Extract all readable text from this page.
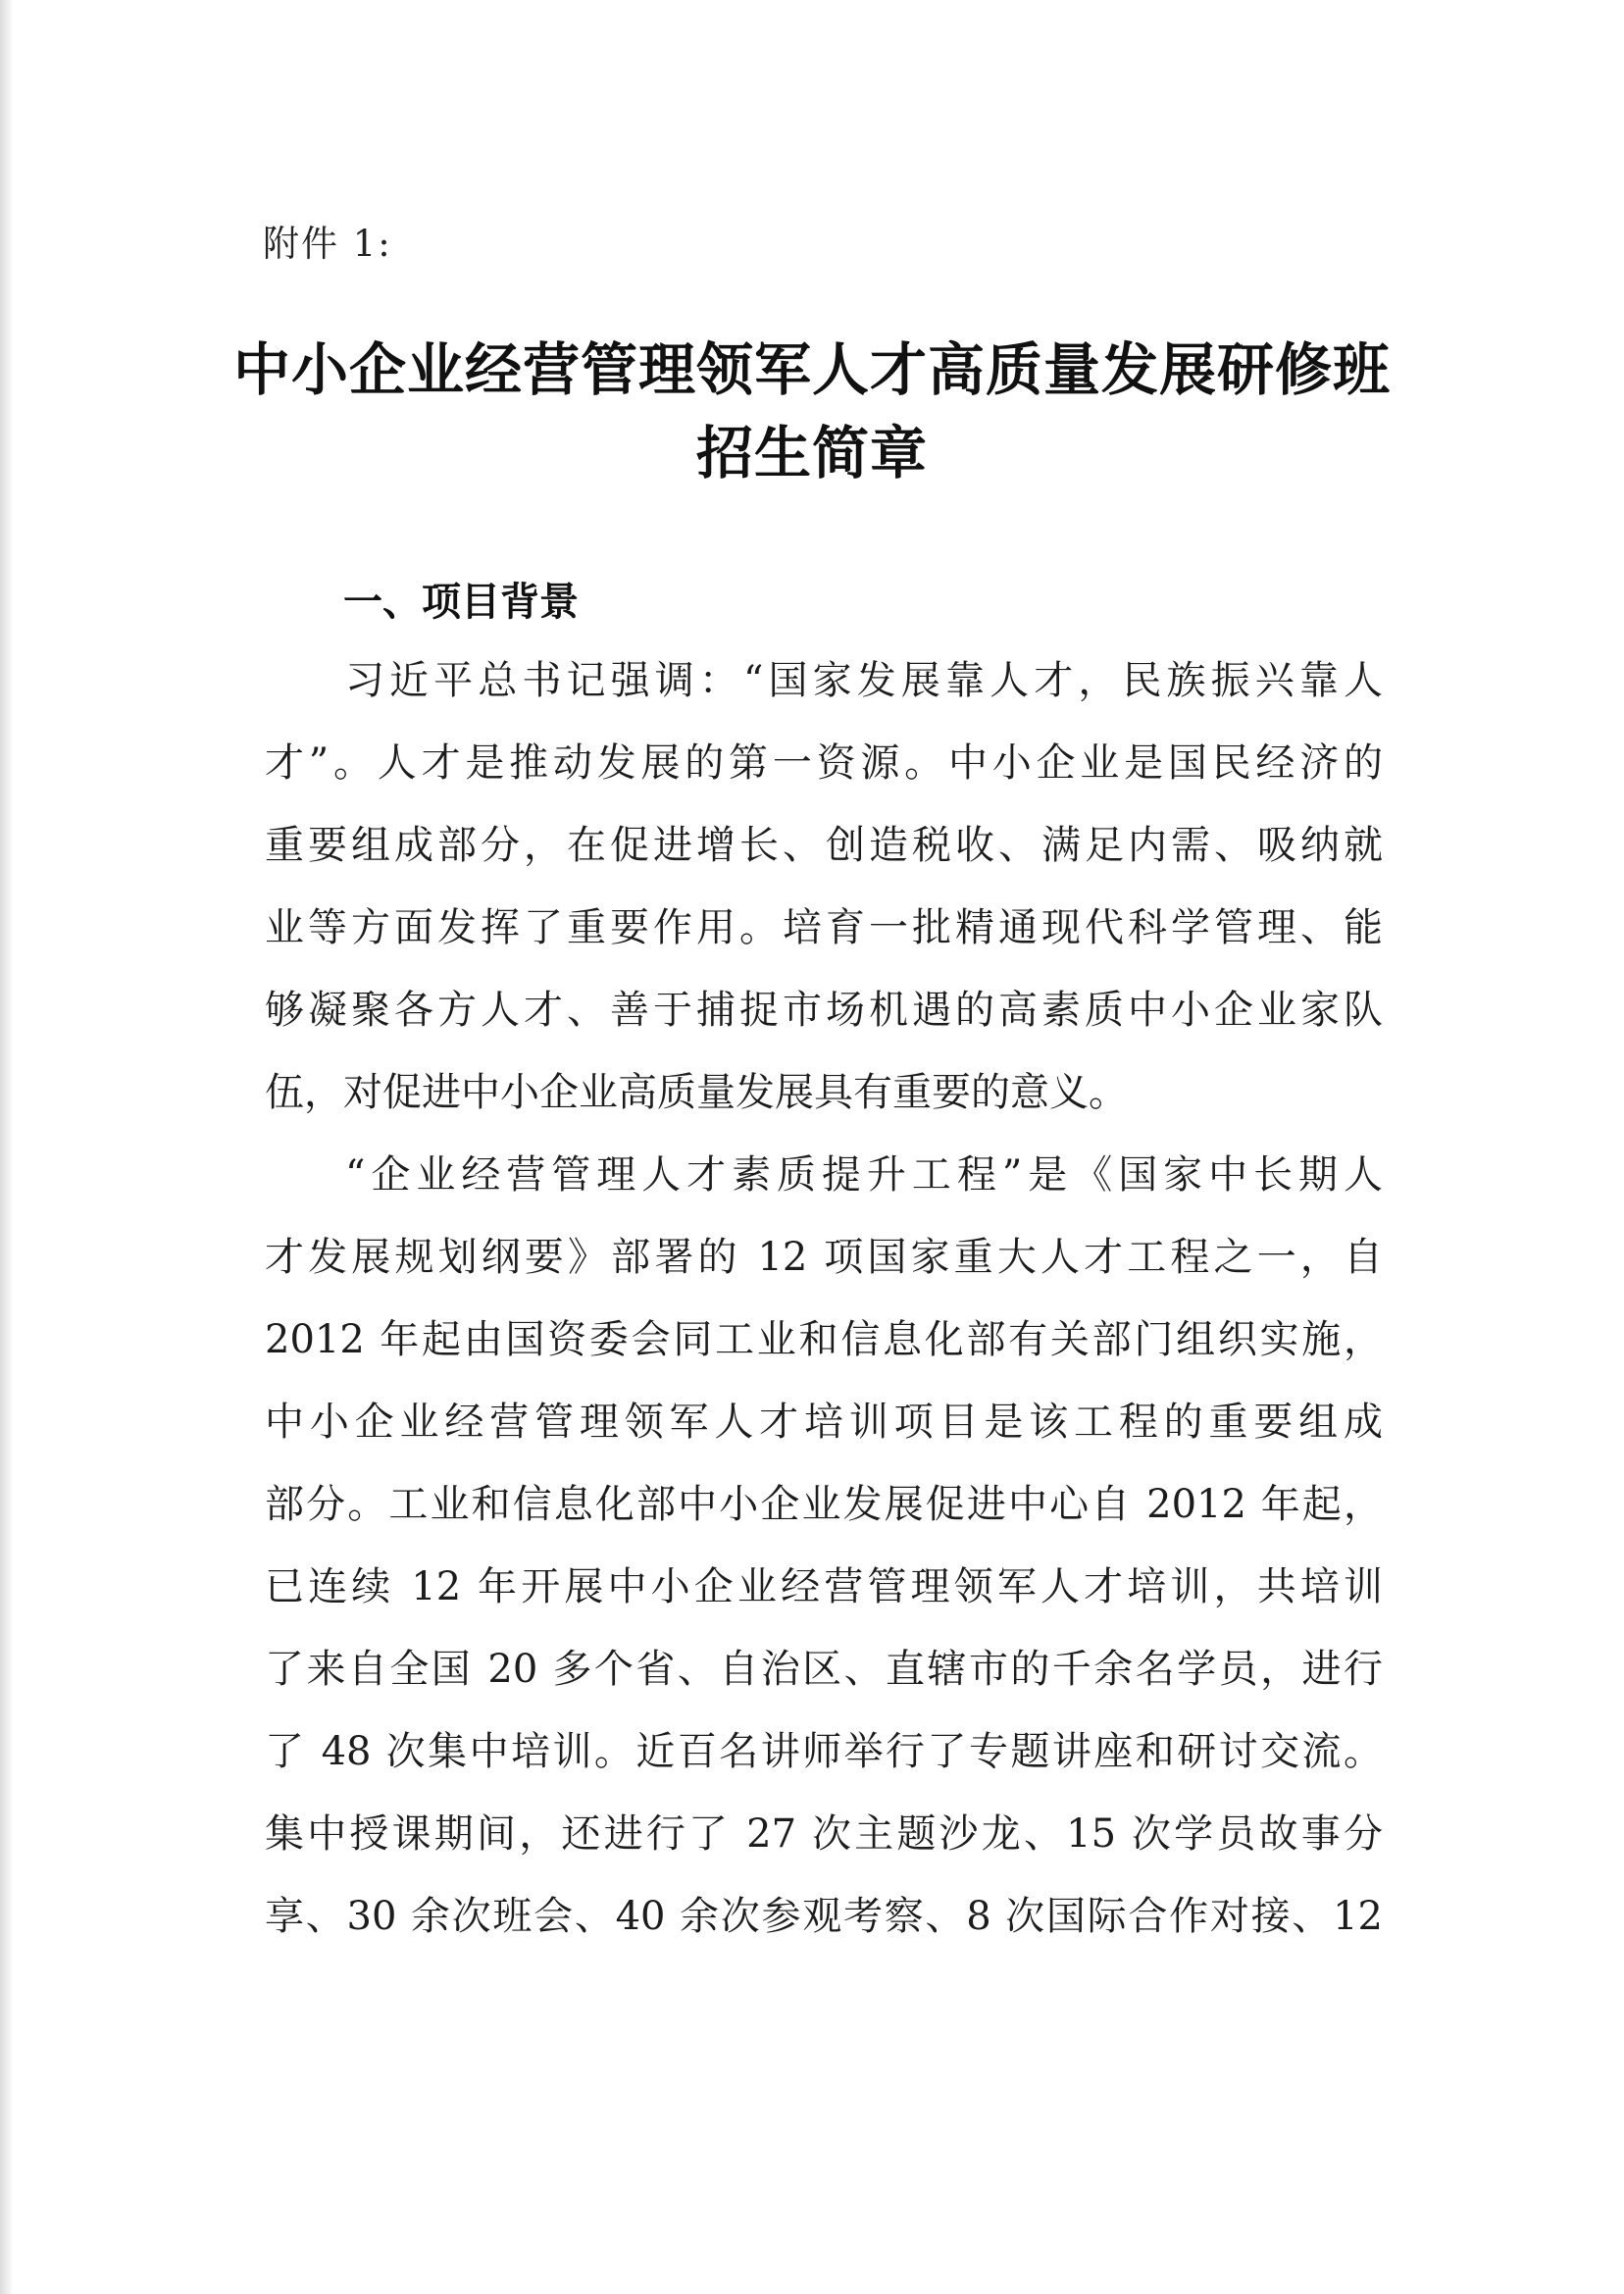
附件 1:
中小企业经营管理领军人才高质量发展研修班
招生简章
一、项目背景
习近平总书记强调：“国家发展靠人才，民族振兴靠人
才”。人才是推动发展的第一资源。中小企业是国民经济的
重要组成部分，在促进增长、创造税收、满足内需、吸纳就
业等方面发挥了重要作用。培育一批精通现代科学管理、能
够凝聚各方人才、善于捕捉市场机遇的高素质中小企业家队
伍，对促进中小企业高质量发展具有重要的意义。
“企业经营管理人才素质提升工程”是《国家中长期人
才发展规划纲要》部署的 12 项国家重大人才工程之一，自
2012 年起由国资委会同工业和信息化部有关部门组织实施，
中小企业经营管理领军人才培训项目是该工程的重要组成
部分。工业和信息化部中小企业发展促进中心自 2012 年起，
已连续 12 年开展中小企业经营管理领军人才培训，共培训
了来自全国 20 多个省、自治区、直辖市的千余名学员，进行
了 48 次集中培训。近百名讲师举行了专题讲座和研讨交流。
集中授课期间，还进行了 27 次主题沙龙、15 次学员故事分
享、30 余次班会、40 余次参观考察、8 次国际合作对接、12
